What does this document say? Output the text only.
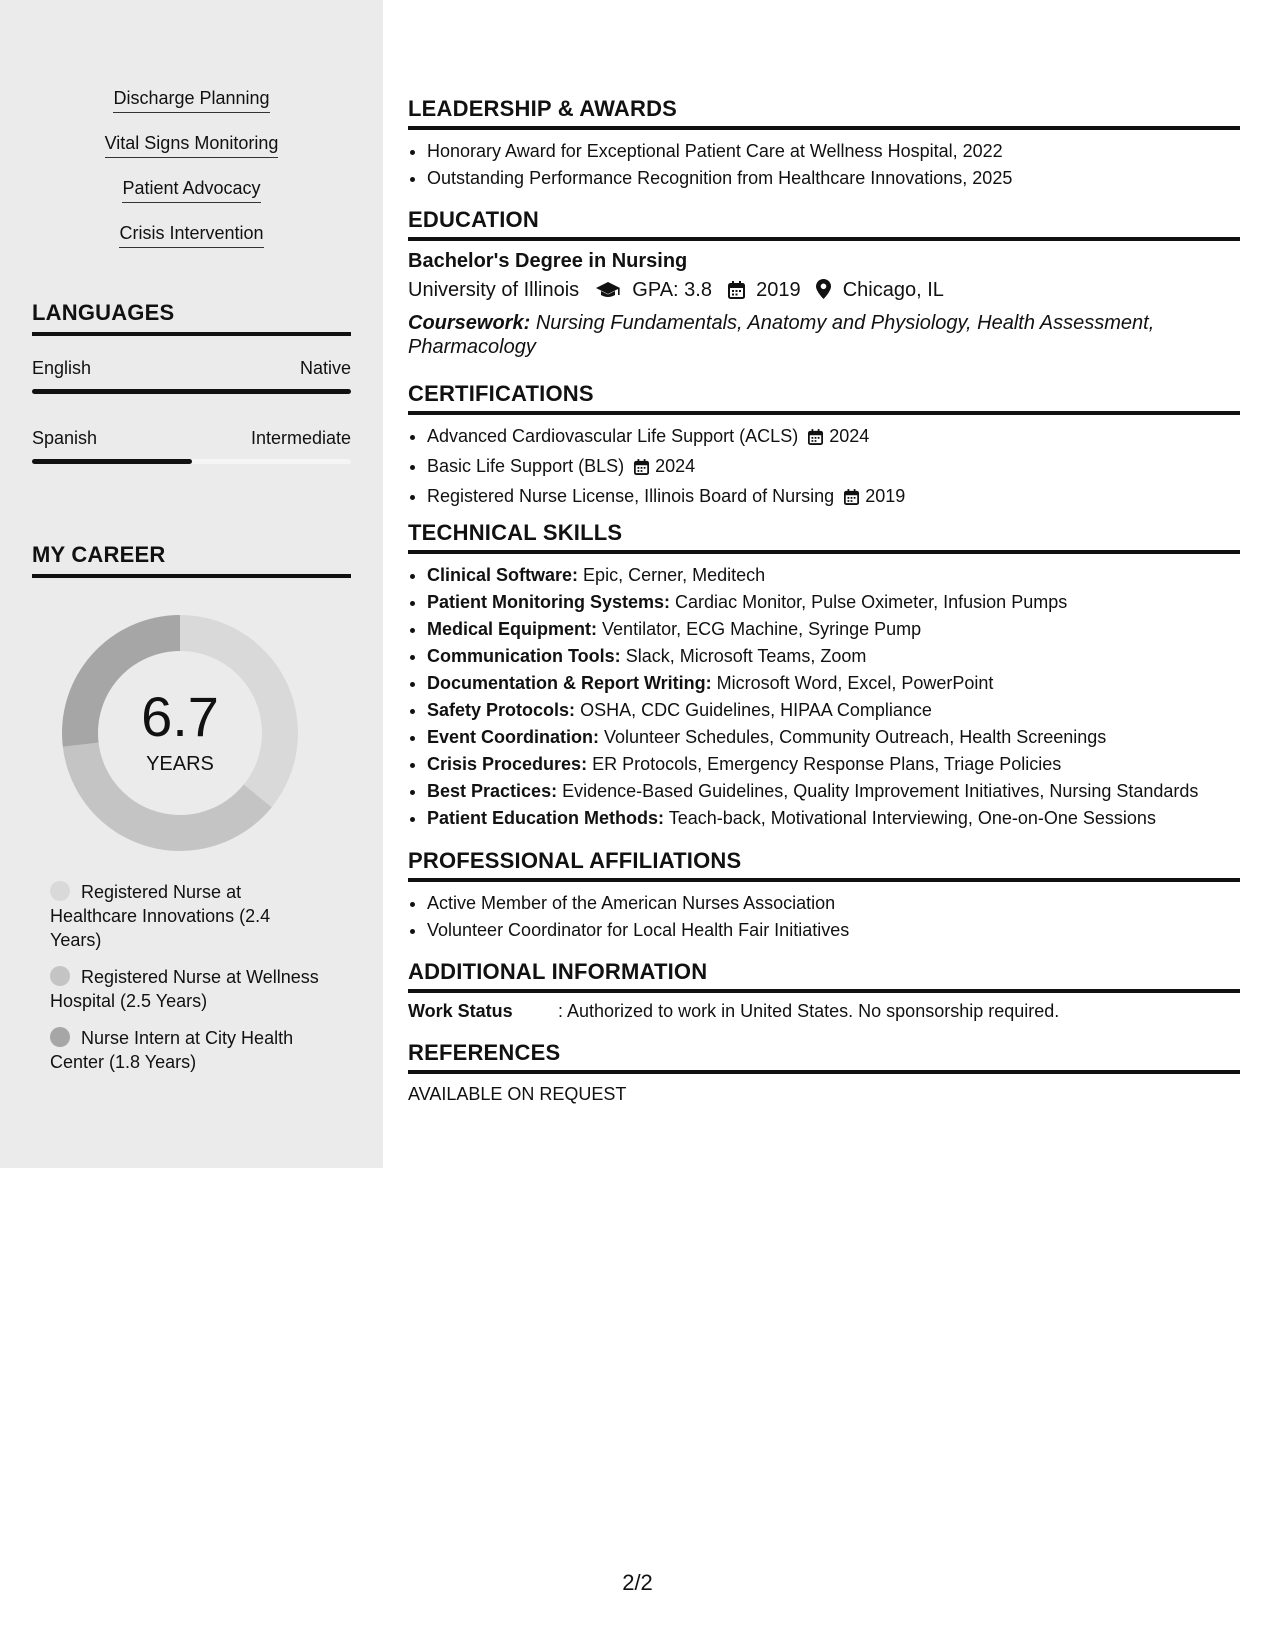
Discharge Planning
Vital Signs Monitoring
Patient Advocacy
Crisis Intervention
LANGUAGES
English	Native
Spanish	Intermediate
MY CAREER
6.7
YEARS
Registered Nurse at Healthcare Innovations (2.4 Years)
Registered Nurse at Wellness Hospital (2.5 Years)
Nurse Intern at City Health Center (1.8 Years)
LEADERSHIP & AWARDS
• Honorary Award for Exceptional Patient Care at Wellness Hospital, 2022
• Outstanding Performance Recognition from Healthcare Innovations, 2025
EDUCATION
Bachelor's Degree in Nursing
University of Illinois	GPA: 3.8 2019 Chicago, IL
Coursework: Nursing Fundamentals, Anatomy and Physiology, Health Assessment, Pharmacology
CERTIFICATIONS
• Advanced Cardiovascular Life Support (ACLS) 2024
• Basic Life Support (BLS) 2024
• Registered Nurse License, Illinois Board of Nursing 2019
TECHNICAL SKILLS
• Clinical Software: Epic, Cerner, Meditech
• Patient Monitoring Systems: Cardiac Monitor, Pulse Oximeter, Infusion Pumps
• Medical Equipment: Ventilator, ECG Machine, Syringe Pump
• Communication Tools: Slack, Microsoft Teams, Zoom
• Documentation & Report Writing: Microsoft Word, Excel, PowerPoint
• Safety Protocols: OSHA, CDC Guidelines, HIPAA Compliance
• Event Coordination: Volunteer Schedules, Community Outreach, Health Screenings
• Crisis Procedures: ER Protocols, Emergency Response Plans, Triage Policies
• Best Practices: Evidence-Based Guidelines, Quality Improvement Initiatives, Nursing Standards
• Patient Education Methods: Teach-back, Motivational Interviewing, One-on-One Sessions
PROFESSIONAL AFFILIATIONS
• Active Member of the American Nurses Association
• Volunteer Coordinator for Local Health Fair Initiatives
ADDITIONAL INFORMATION
Work Status	: Authorized to work in United States. No sponsorship required.
REFERENCES
AVAILABLE ON REQUEST
2/2
